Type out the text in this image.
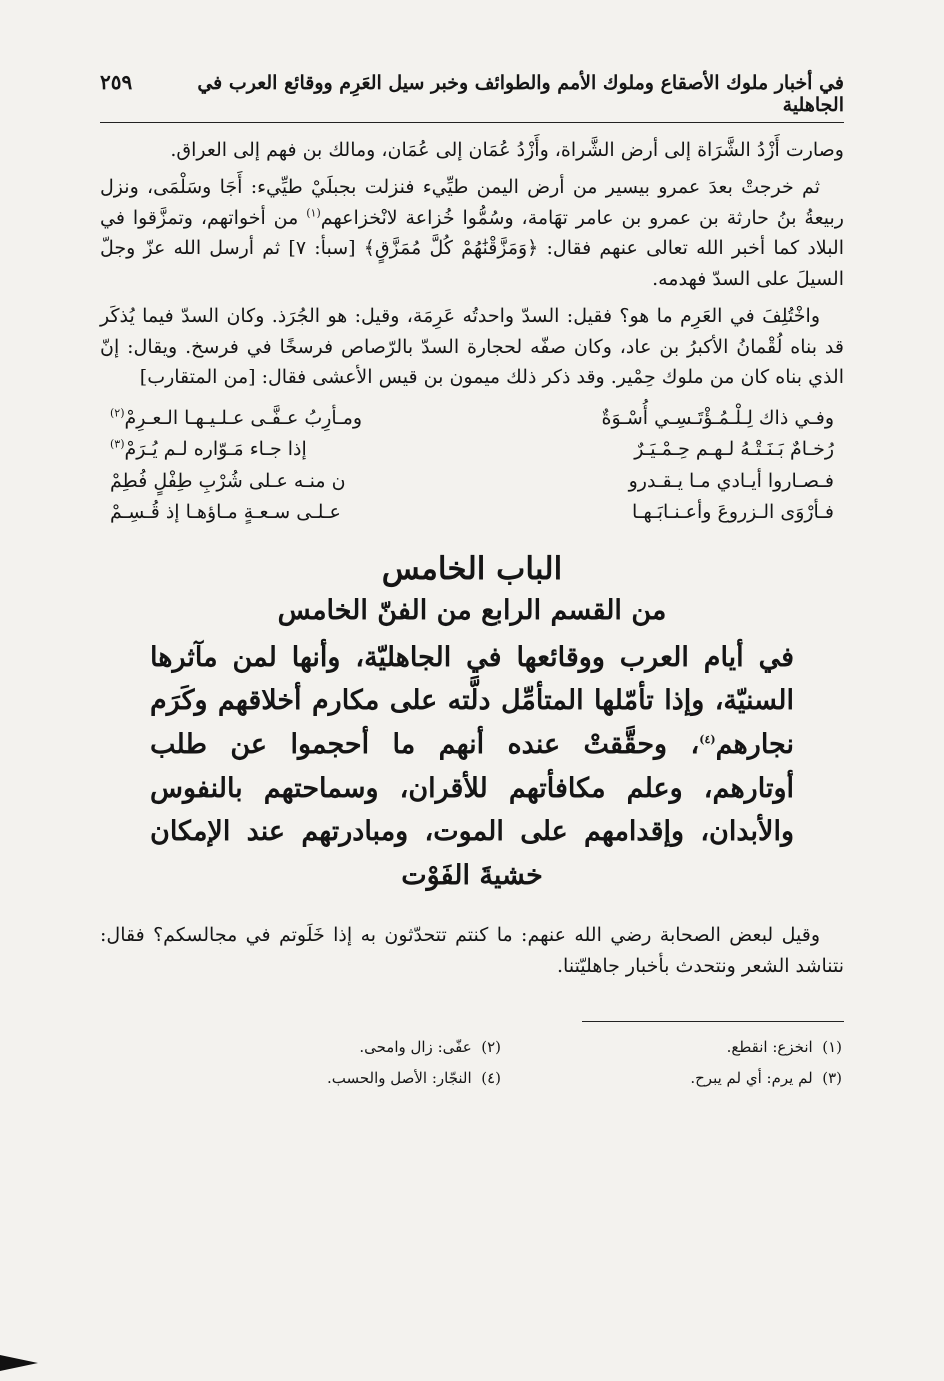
في أخبار ملوك الأصقاع وملوك الأمم والطوائف وخبر سيل العَرِم ووقائع العرب في الجاهلية
٢٥٩

وصارت أَزْدُ الشَّرَاة إلى أرض الشَّراة، وأَزْدُ عُمَان إلى عُمَان، ومالك بن فهم إلى العراق.

ثم خرجتْ بعدَ عمرو بيسير من أرض اليمن طيِّيء فنزلت بجبلَيْ طيِّيء: أَجَا وسَلْمَى، ونزل ربيعةُ بنُ حارثة بن عمرو بن عامر تهَامة، وسُمُّوا خُزاعة لانْخزاعهم$^{(١)}$ من أخواتهم، وتمزَّقوا في البلاد كما أخبر الله تعالى عنهم فقال: ﴿وَمَزَّقْنَٰهُمْ كُلَّ مُمَزَّقٍ﴾ [سبأ: ٧] ثم أرسل الله عزّ وجلّ السيلَ على السدّ فهدمه.

واخْتُلِفَ في العَرِم ما هو؟ فقيل: السدّ واحدتُه عَرِمَة، وقيل: هو الجُرَذ. وكان السدّ فيما يُذكَر قد بناه لُقْمانُ الأكبرُ بن عاد، وكان صفّه لحجارة السدّ بالرّصاص فرسخًا في فرسخ. ويقال: إنّ الذي بناه كان من ملوك حِمْير. وقد ذكر ذلك ميمون بن قيس الأعشى فقال: [من المتقارب]

وفـي ذاك لِـلْـمُـؤْتَـسِـي أُسْـوَةٌ
ومـأرِبُ عـفَّـى عـلـيـهـا الـعـرِمْ$^{(٢)}$
رُخـامٌ بَـنَـتْـهُ لـهـم حِـمْـيَـرٌ
إذا جـاء مَـوّاره لـم يُـرَمْ$^{(٣)}$
فـصـاروا أيـادي مـا يـقـدرو
ن منـه عـلى شُرْبِ طِفْلٍ فُطِمْ
فـأرْوَى الـزروعَ وأعـنـابَـهـا
عـلـى سـعـةٍ مـاؤهـا إذ قُـسِـمْ
الباب الخامس
من القسم الرابع من الفنّ الخامس
في أيام العرب ووقائعها في الجاهليّة، وأنها لمن مآثرها السنيّة، وإذا تأمّلها المتأمِّل دلَّته على مكارم أخلاقهم وكَرَم نجارهم$^{(٤)}$، وحقَّقتْ عنده أنهم ما أحجموا عن طلب أوتارهم، وعلم مكافأتهم للأقران، وسماحتهم بالنفوس والأبدان، وإقدامهم على الموت، ومبادرتهم عند الإمكان خشيةَ الفَوْت

وقيل لبعض الصحابة رضي الله عنهم: ما كنتم تتحدّثون به إذا خَلَوتم في مجالسكم؟ فقال: نتناشد الشعر ونتحدث بأخبار جاهليّتنا.

(١)  انخزع: انقطع.
(٢)  عفّى: زال وامحى.
(٣)  لم يرم: أي لم يبرح.
(٤)  النجّار: الأصل والحسب.
